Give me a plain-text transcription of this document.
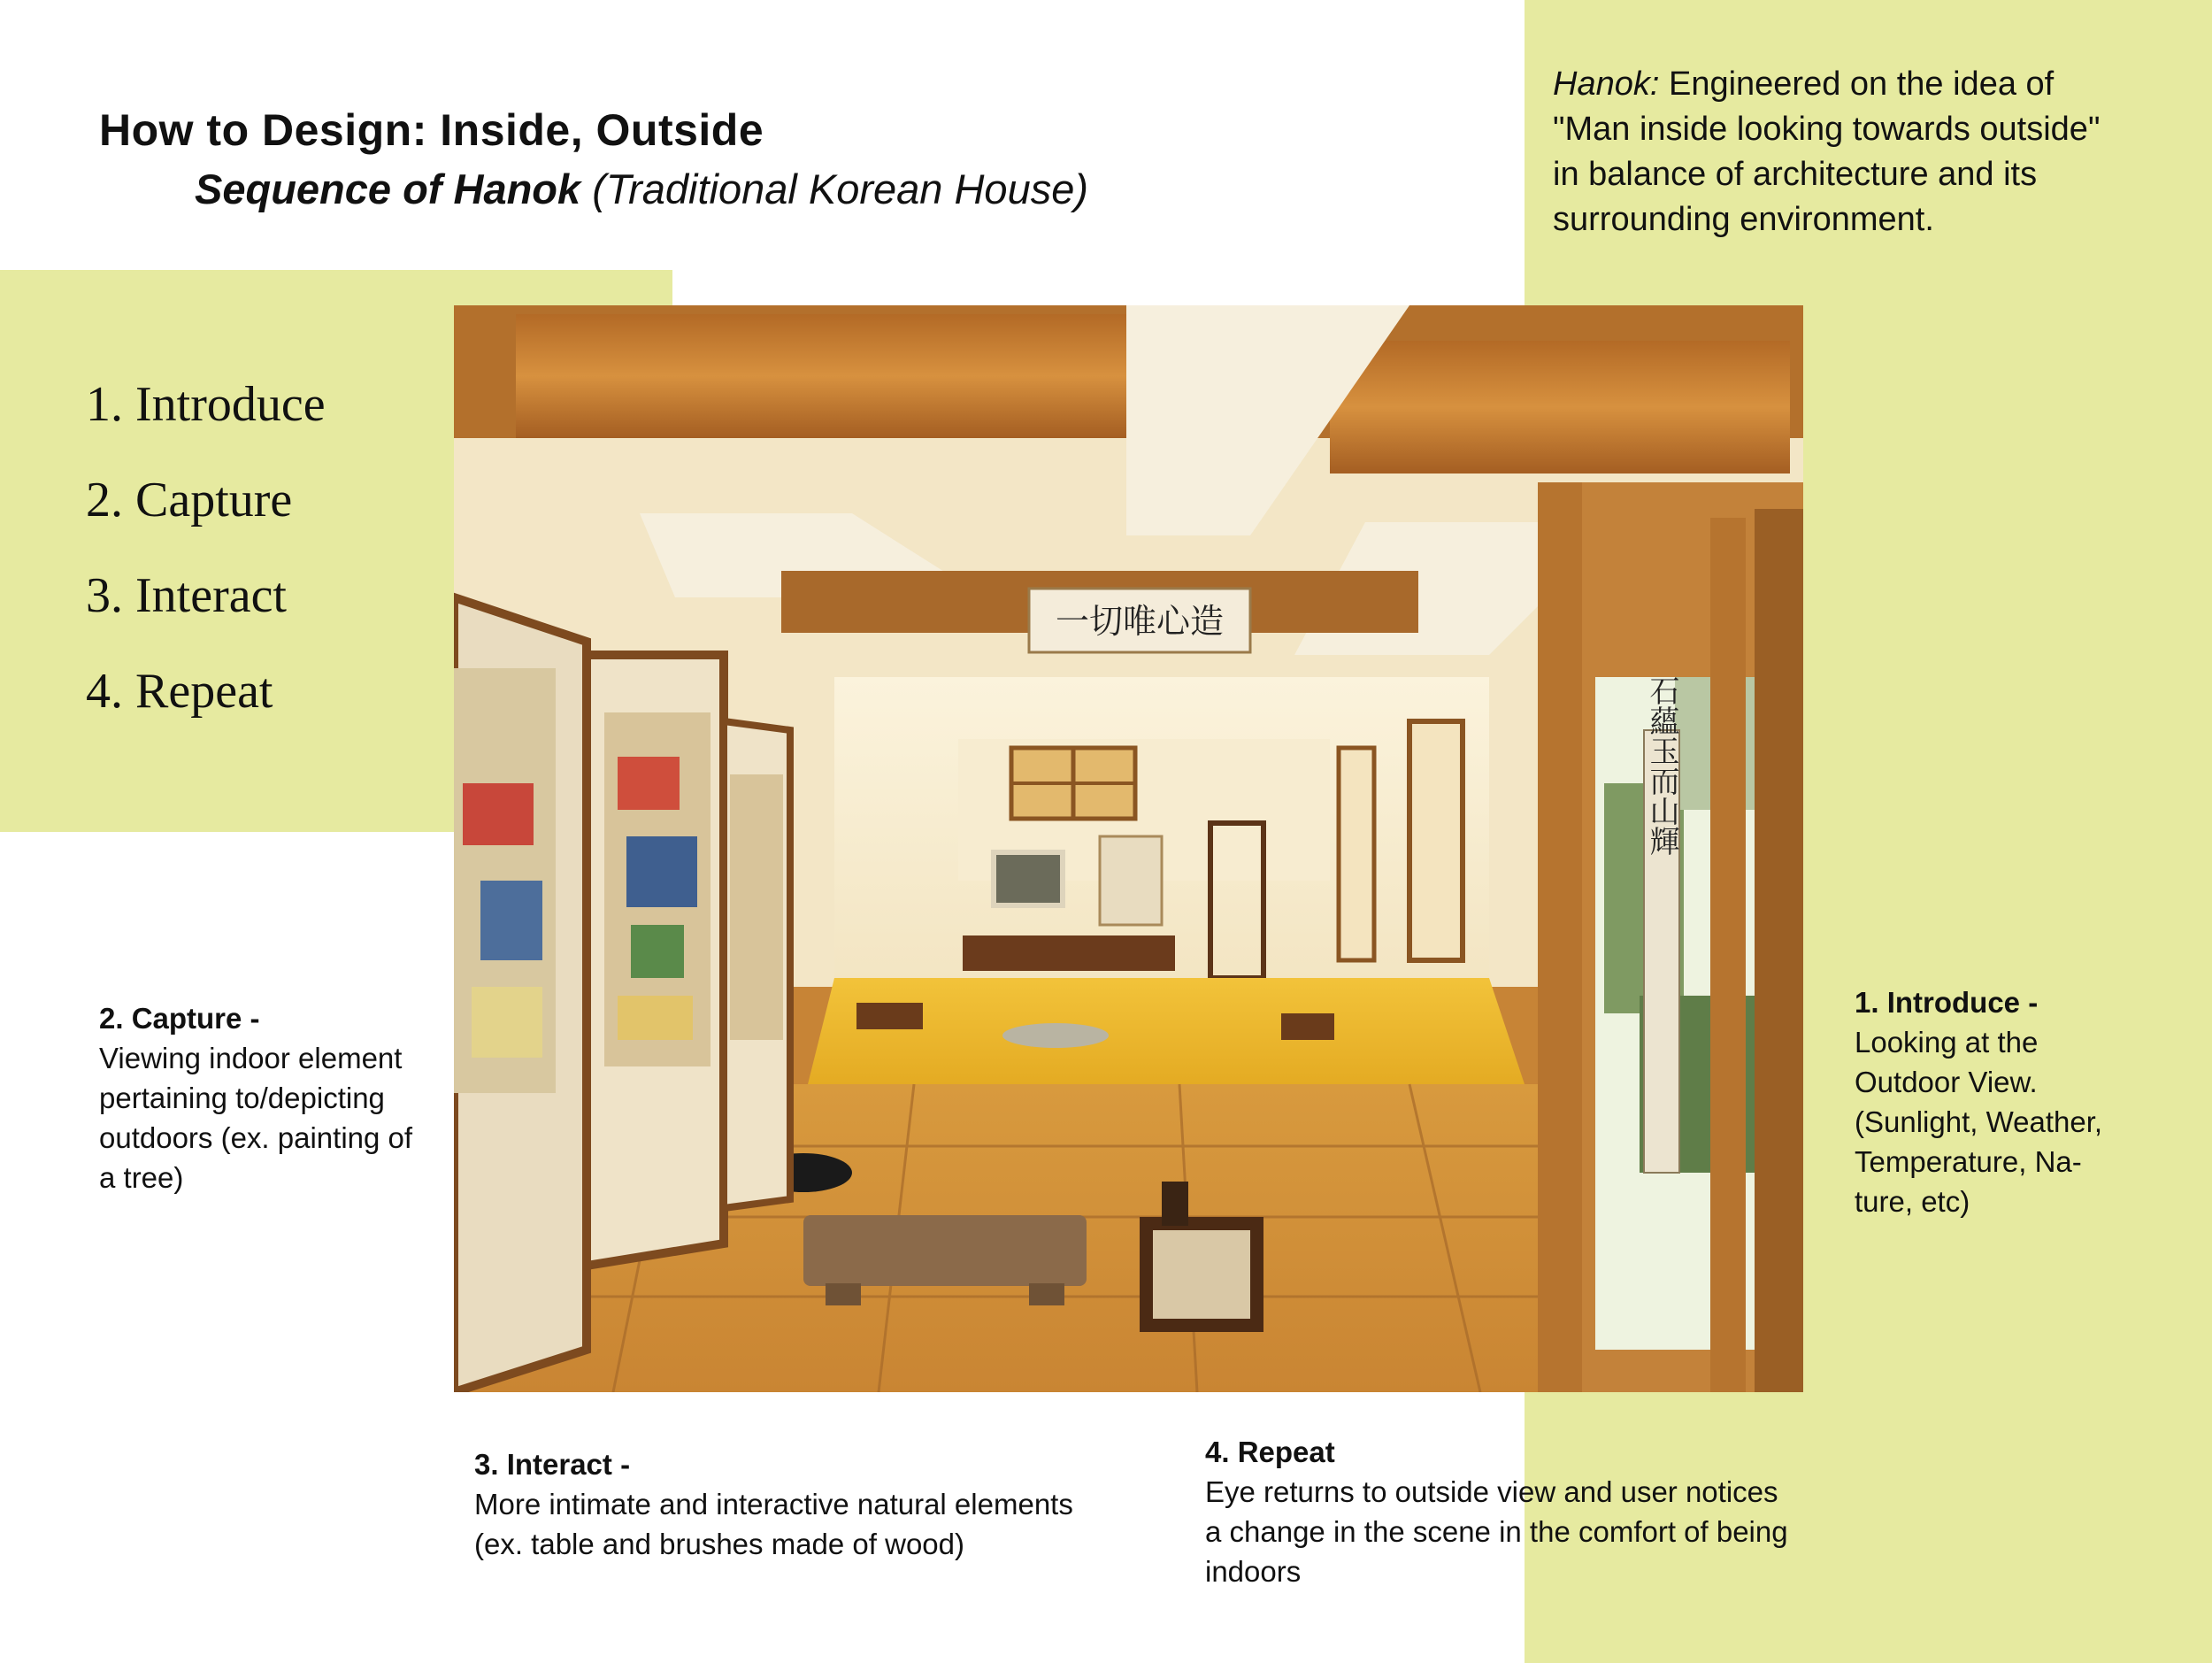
How to Design: Inside, Outside
Sequence of Hanok (Traditional Korean House)
Hanok: Engineered on the idea of
"Man inside looking towards outside"
in balance of architecture and its
surrounding environment.
1. Introduce
2. Capture
3. Interact
4. Repeat
一切唯心造
石蘊玉而山輝
2. Capture -
Viewing indoor element
pertaining to/depicting
outdoors (ex. painting of
a tree)
1. Introduce -
Looking at the
Outdoor View.
(Sunlight, Weather,
Temperature, Na-
ture, etc)
3. Interact -
More intimate and interactive natural elements
(ex. table and brushes made of wood)
4. Repeat
Eye returns to outside view and user notices
a change in the scene in the comfort of being
indoors
